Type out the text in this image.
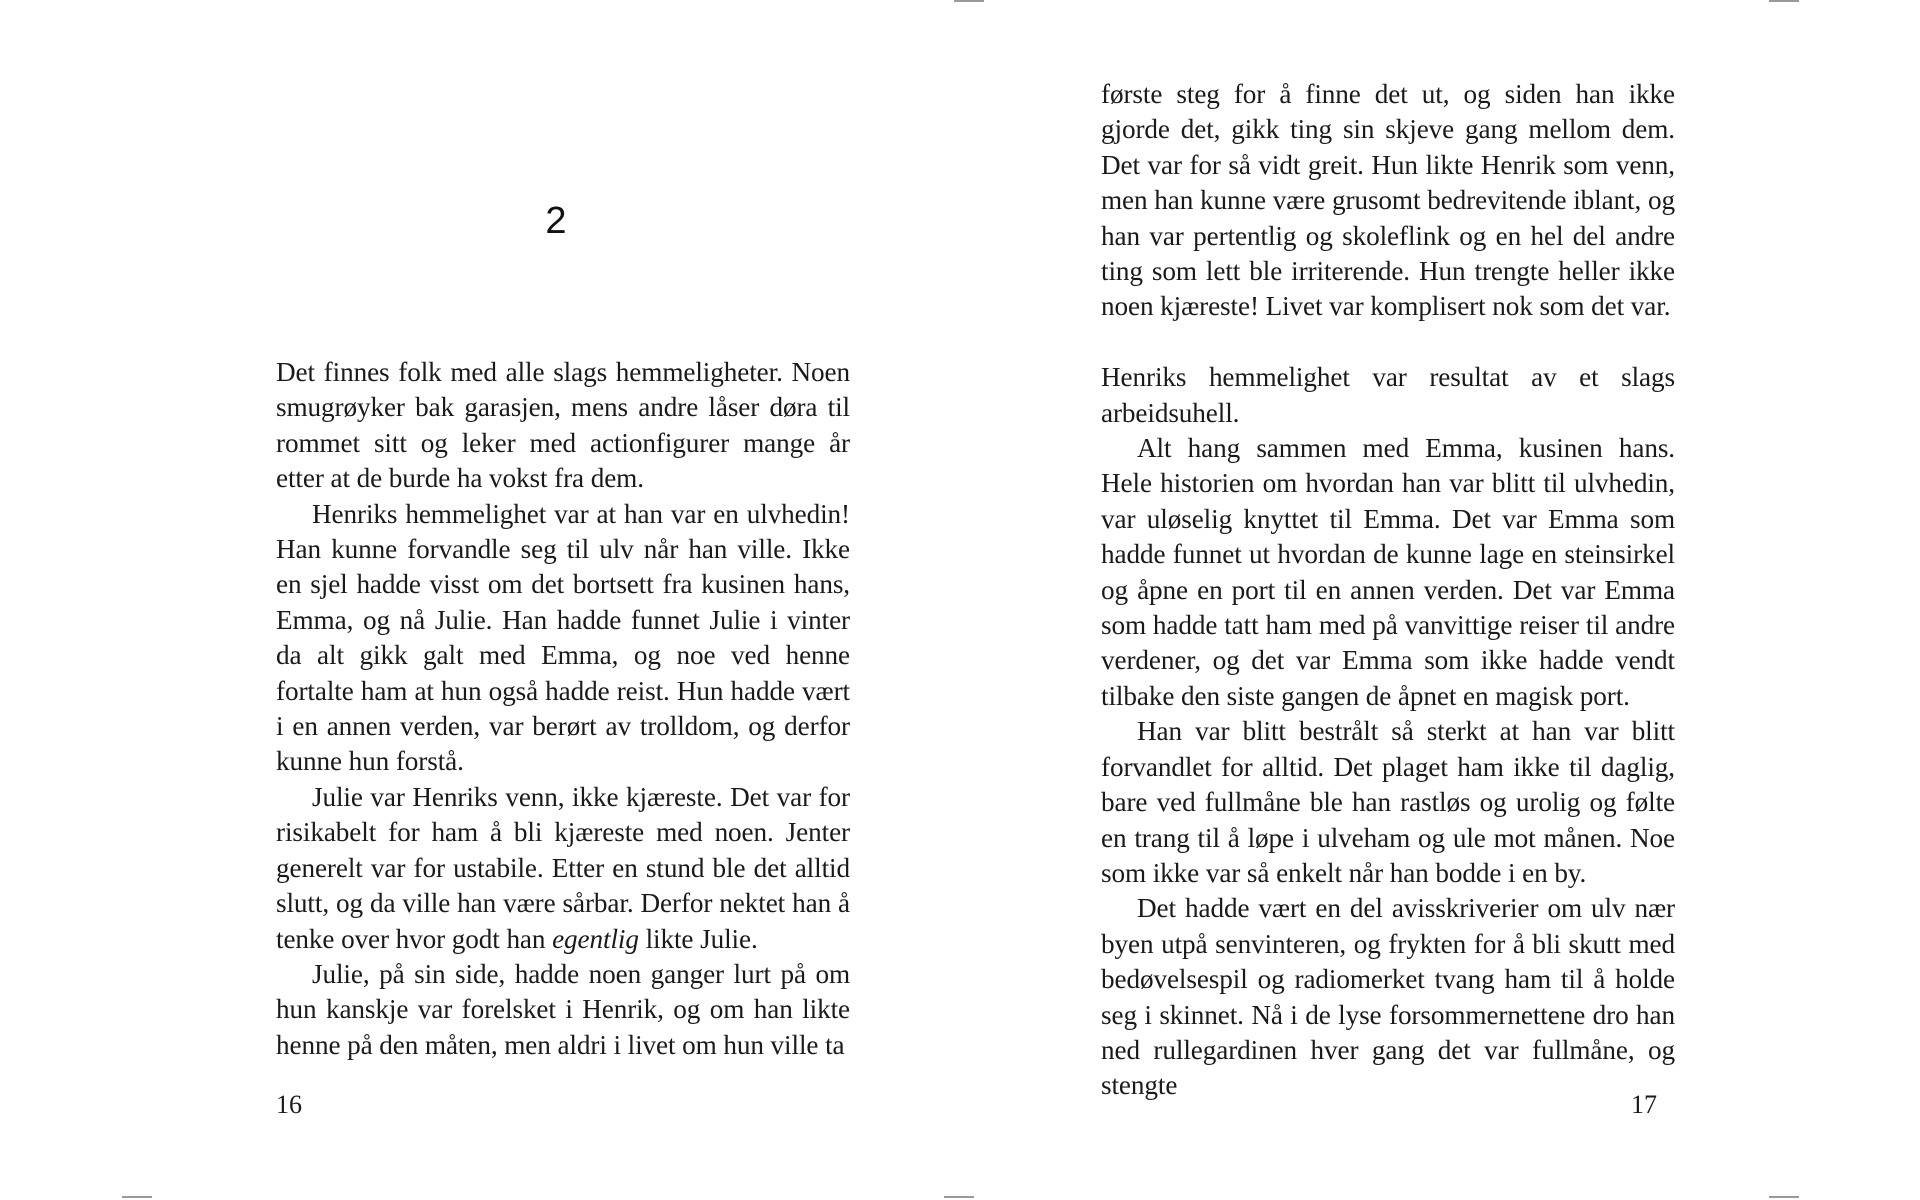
2

Det finnes folk med alle slags hemmeligheter. Noen smugrøyker bak garasjen, mens andre låser døra til rommet sitt og leker med actionfigurer mange år etter at de burde ha vokst fra dem.

Henriks hemmelighet var at han var en ulvhedin! Han kunne forvandle seg til ulv når han ville. Ikke en sjel hadde visst om det bortsett fra kusinen hans, Emma, og nå Julie. Han hadde funnet Julie i vinter da alt gikk galt med Emma, og noe ved henne fortalte ham at hun også hadde reist. Hun hadde vært i en annen verden, var berørt av trolldom, og derfor kunne hun forstå.

Julie var Henriks venn, ikke kjæreste. Det var for risikabelt for ham å bli kjæreste med noen. Jenter generelt var for ustabile. Etter en stund ble det alltid slutt, og da ville han være sårbar. Derfor nektet han å tenke over hvor godt han egentlig likte Julie.

Julie, på sin side, hadde noen ganger lurt på om hun kanskje var forelsket i Henrik, og om han likte henne på den måten, men aldri i livet om hun ville ta

16

første steg for å finne det ut, og siden han ikke gjorde det, gikk ting sin skjeve gang mellom dem. Det var for så vidt greit. Hun likte Henrik som venn, men han kunne være grusomt bedrevitende iblant, og han var pertentlig og skoleflink og en hel del andre ting som lett ble irriterende. Hun trengte heller ikke noen kjæreste! Livet var komplisert nok som det var.

Henriks hemmelighet var resultat av et slags arbeidsuhell.

Alt hang sammen med Emma, kusinen hans. Hele historien om hvordan han var blitt til ulvhedin, var uløselig knyttet til Emma. Det var Emma som hadde funnet ut hvordan de kunne lage en steinsirkel og åpne en port til en annen verden. Det var Emma som hadde tatt ham med på vanvittige reiser til andre verdener, og det var Emma som ikke hadde vendt tilbake den siste gangen de åpnet en magisk port.

Han var blitt bestrålt så sterkt at han var blitt forvandlet for alltid. Det plaget ham ikke til daglig, bare ved fullmåne ble han rastløs og urolig og følte en trang til å løpe i ulveham og ule mot månen. Noe som ikke var så enkelt når han bodde i en by.

Det hadde vært en del avisskriverier om ulv nær byen utpå senvinteren, og frykten for å bli skutt med bedøvelsespil og radiomerket tvang ham til å holde seg i skinnet. Nå i de lyse forsommernettene dro han ned rullegardinen hver gang det var fullmåne, og stengte

17
